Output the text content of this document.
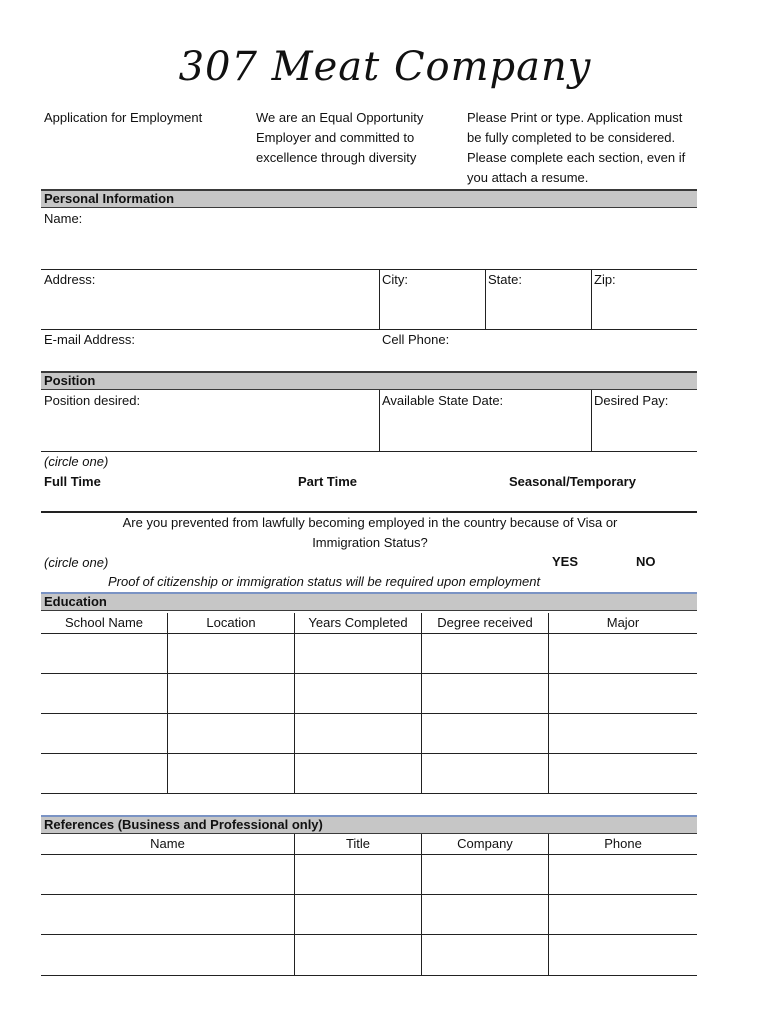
307 Meat Company
Application for Employment	We are an Equal Opportunity Employer and committed to excellence through diversity
Please Print or type. Application must be fully completed to be considered. Please complete each section, even if you attach a resume.
Personal Information
Name:
Address:	City:	State:	Zip:
E-mail Address:	Cell Phone:
Position
Position desired:	Available State Date:	Desired Pay:
(circle one)
Full Time	Part Time	Seasonal/Temporary
Are you prevented from lawfully becoming employed in the country because of Visa or Immigration Status?
(circle one)	YES	NO
Proof of citizenship or immigration status will be required upon employment
Education
School Name	Location	Years Completed	Degree received	Major
References (Business and Professional only)
Name	Title	Company	Phone
